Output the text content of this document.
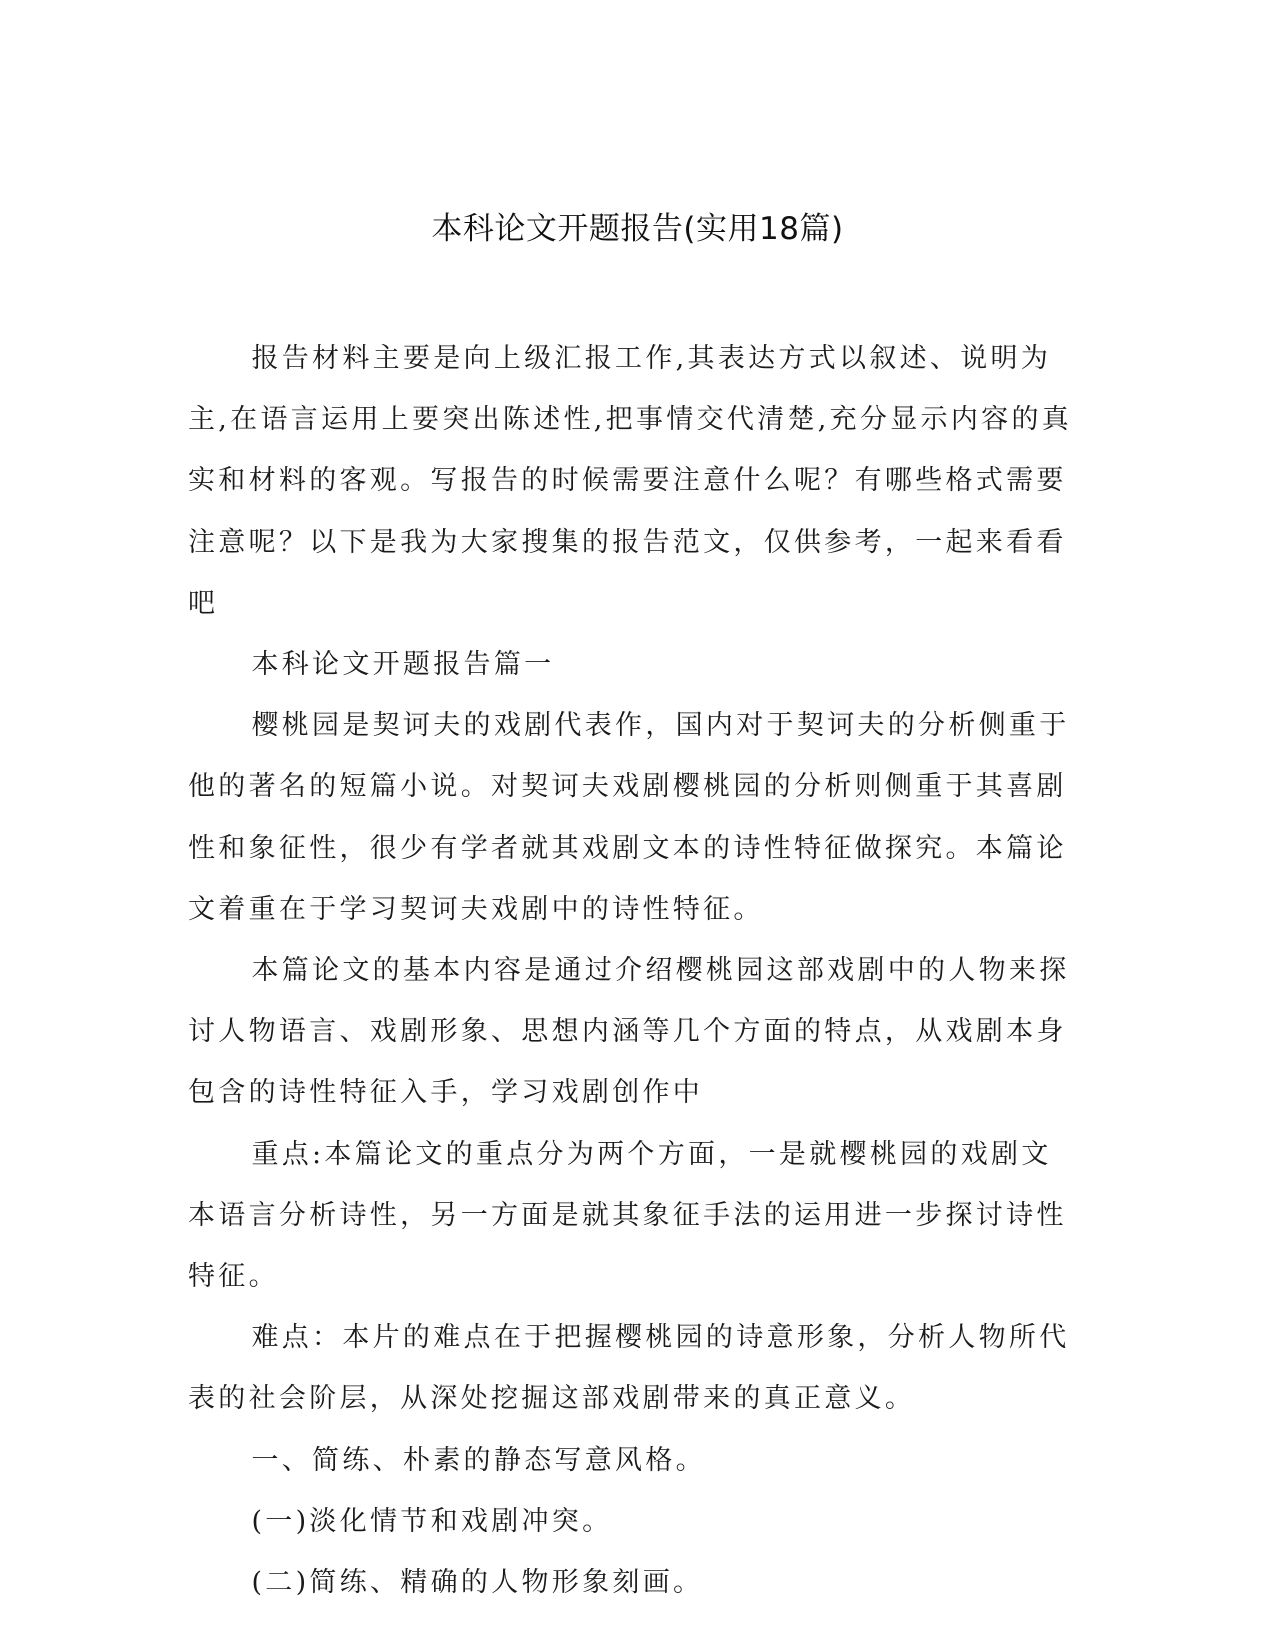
本科论文开题报告(实用18篇)

报告材料主要是向上级汇报工作,其表达方式以叙述、说明为主,在语言运用上要突出陈述性,把事情交代清楚,充分显示内容的真实和材料的客观。写报告的时候需要注意什么呢？有哪些格式需要注意呢？以下是我为大家搜集的报告范文，仅供参考，一起来看看吧

本科论文开题报告篇一

樱桃园是契诃夫的戏剧代表作，国内对于契诃夫的分析侧重于他的著名的短篇小说。对契诃夫戏剧樱桃园的分析则侧重于其喜剧性和象征性，很少有学者就其戏剧文本的诗性特征做探究。本篇论文着重在于学习契诃夫戏剧中的诗性特征。

本篇论文的基本内容是通过介绍樱桃园这部戏剧中的人物来探讨人物语言、戏剧形象、思想内涵等几个方面的特点，从戏剧本身包含的诗性特征入手，学习戏剧创作中

重点:本篇论文的重点分为两个方面，一是就樱桃园的戏剧文本语言分析诗性，另一方面是就其象征手法的运用进一步探讨诗性特征。

难点：本片的难点在于把握樱桃园的诗意形象，分析人物所代表的社会阶层，从深处挖掘这部戏剧带来的真正意义。

一、简练、朴素的静态写意风格。

(一)淡化情节和戏剧冲突。

(二)简练、精确的人物形象刻画。
